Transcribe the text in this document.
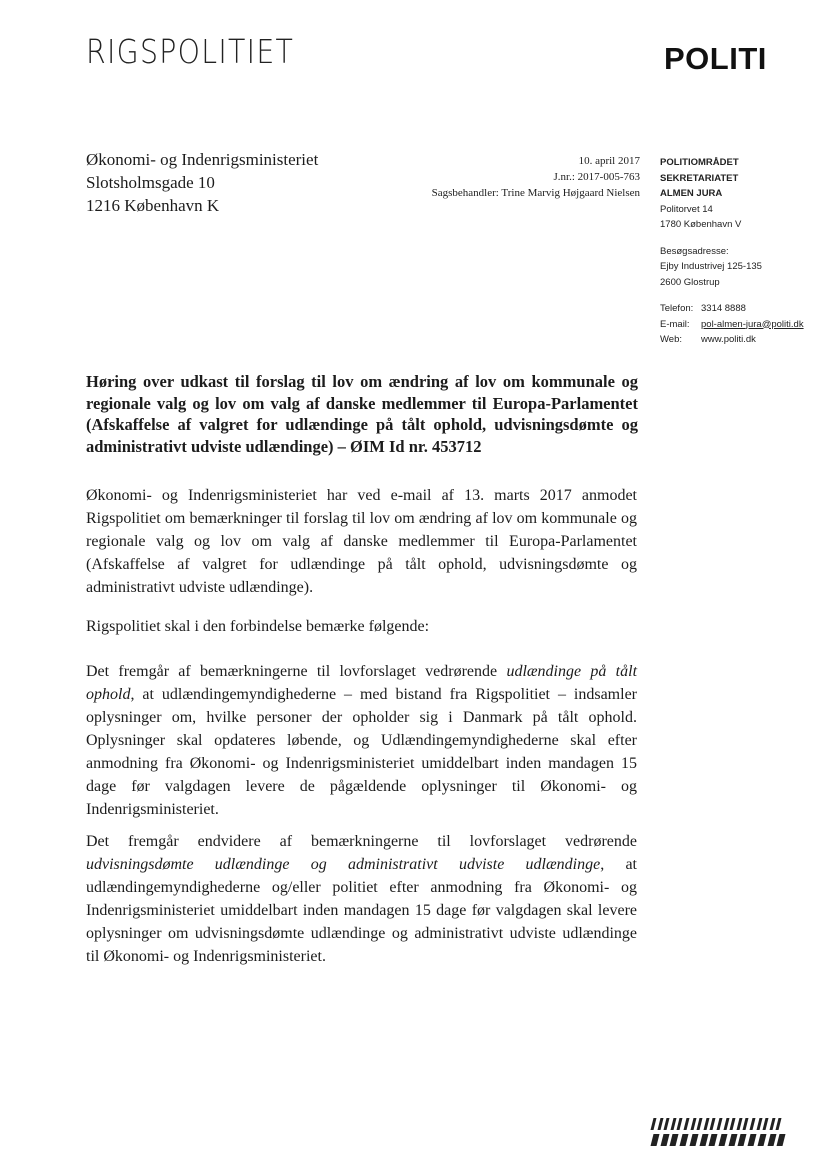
RIGSPOLITIET	POLITI
Økonomi- og Indenrigsministeriet
Slotsholmsgade 10
1216 København K
10. april 2017
J.nr.: 2017-005-763
Sagsbehandler: Trine Marvig Højgaard Nielsen
POLITIOMRÅDET
SEKRETARIATET
ALMEN JURA
Politorvet 14
1780 København V
Besøgsadresse:
Ejby Industrivej 125-135
2600 Glostrup
Telefon: 3314 8888
E-mail: pol-almen-jura@politi.dk
Web: www.politi.dk
Høring over udkast til forslag til lov om ændring af lov om kommunale og regionale valg og lov om valg af danske medlemmer til Europa-Parlamentet (Afskaffelse af valgret for udlændinge på tålt ophold, udvisningsdømte og administrativt udviste udlændinge) – ØIM Id nr. 453712

Økonomi- og Indenrigsministeriet har ved e-mail af 13. marts 2017 anmodet Rigspolitiet om bemærkninger til forslag til lov om ændring af lov om kommunale og regionale valg og lov om valg af danske medlemmer til Europa-Parlamentet (Afskaffelse af valgret for udlændinge på tålt ophold, udvisningsdømte og administrativt udviste udlændinge).

Rigspolitiet skal i den forbindelse bemærke følgende:

Det fremgår af bemærkningerne til lovforslaget vedrørende udlændinge på tålt ophold, at udlændingemyndighederne – med bistand fra Rigspolitiet – indsamler oplysninger om, hvilke personer der opholder sig i Danmark på tålt ophold. Oplysninger skal opdateres løbende, og Udlændingemyndighederne skal efter anmodning fra Økonomi- og Indenrigsministeriet umiddelbart inden mandagen 15 dage før valgdagen levere de pågældende oplysninger til Økonomi- og Indenrigsministeriet.

Det fremgår endvidere af bemærkningerne til lovforslaget vedrørende udvisningsdømte udlændinge og administrativt udviste udlændinge, at udlændingemyndighederne og/eller politiet efter anmodning fra Økonomi- og Indenrigsministeriet umiddelbart inden mandagen 15 dage før valgdagen skal levere oplysninger om udvisningsdømte udlændinge og administrativt udviste udlændinge til Økonomi- og Indenrigsministeriet.
